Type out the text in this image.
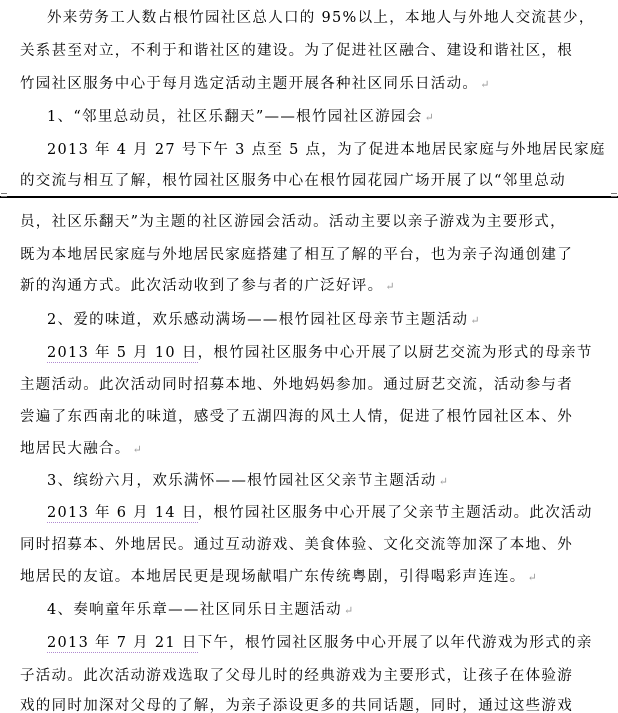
外来劳务工人数占根竹园社区总人口的 95%以上，本地人与外地人交流甚少，
关系甚至对立，不利于和谐社区的建设。为了促进社区融合、建设和谐社区，根
竹园社区服务中心于每月选定活动主题开展各种社区同乐日活动。 ↵
1、“邻里总动员，社区乐翻天”——根竹园社区游园会 ↵
2013 年 4 月 27 号下午 3 点至 5 点，为了促进本地居民家庭与外地居民家庭
的交流与相互了解，根竹园社区服务中心在根竹园花园广场开展了以“邻里总动
员，社区乐翻天”为主题的社区游园会活动。活动主要以亲子游戏为主要形式，
既为本地居民家庭与外地居民家庭搭建了相互了解的平台，也为亲子沟通创建了
新的沟通方式。此次活动收到了参与者的广泛好评。 ↵
2、爱的味道，欢乐感动满场——根竹园社区母亲节主题活动 ↵
2013 年 5 月 10 日，根竹园社区服务中心开展了以厨艺交流为形式的母亲节
主题活动。此次活动同时招募本地、外地妈妈参加。通过厨艺交流，活动参与者
尝遍了东西南北的味道，感受了五湖四海的风土人情，促进了根竹园社区本、外
地居民大融合。 ↵
3、缤纷六月，欢乐满怀——根竹园社区父亲节主题活动 ↵
2013 年 6 月 14 日，根竹园社区服务中心开展了父亲节主题活动。此次活动
同时招募本、外地居民。通过互动游戏、美食体验、文化交流等加深了本地、外
地居民的友谊。本地居民更是现场献唱广东传统粤剧，引得喝彩声连连。 ↵
4、奏响童年乐章——社区同乐日主题活动 ↵
2013 年 7 月 21 日下午，根竹园社区服务中心开展了以年代游戏为形式的亲
子活动。此次活动游戏选取了父母儿时的经典游戏为主要形式，让孩子在体验游
戏的同时加深对父母的了解，为亲子添设更多的共同话题，同时，通过这些游戏
